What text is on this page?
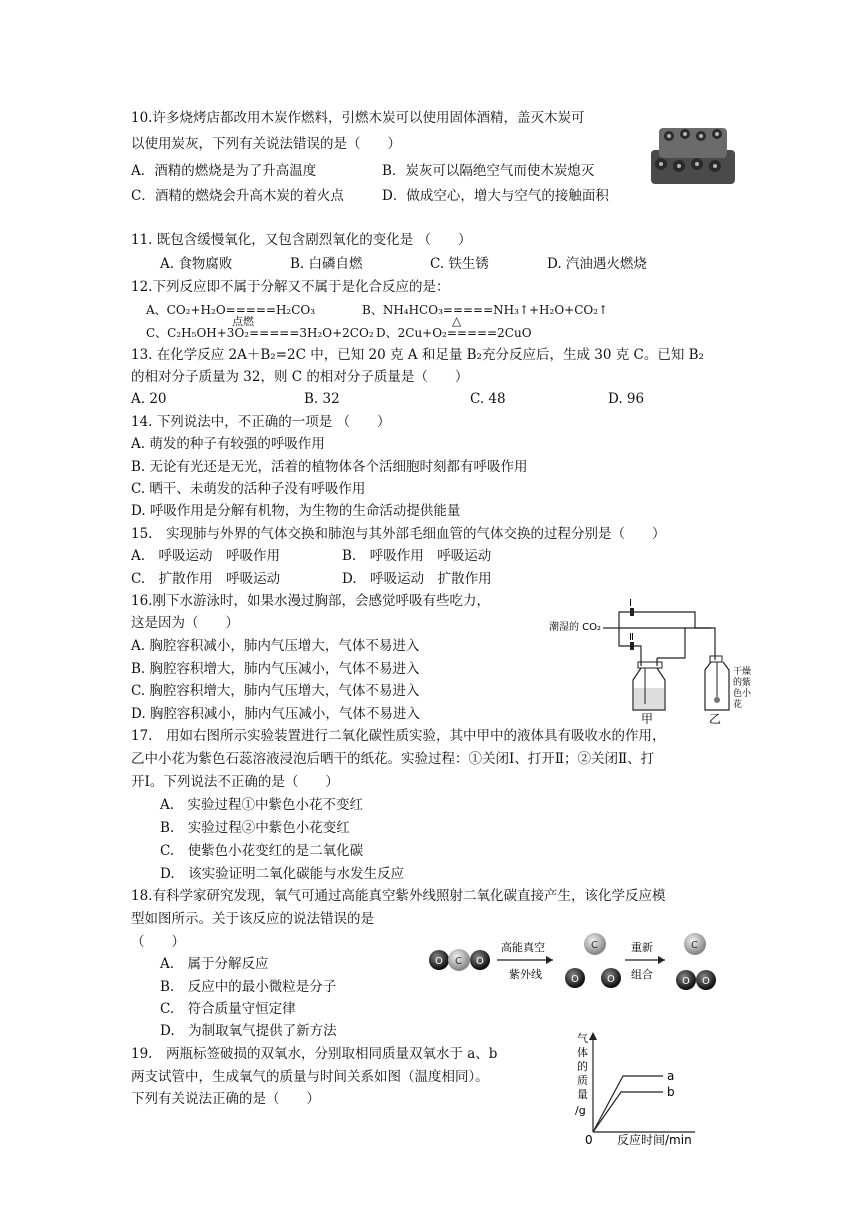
10.许多烧烤店都改用木炭作燃料，引燃木炭可以使用固体酒精，盖灭木炭可
以使用炭灰，下列有关说法错误的是（　　）
A．酒精的燃烧是为了升高温度	B．炭灰可以隔绝空气而使木炭熄灭
C．酒精的燃烧会升高木炭的着火点	D．做成空心，增大与空气的接触面积
11. 既包含缓慢氧化，又包含剧烈氧化的变化是 （　　）
A. 食物腐败	B. 白磷自燃	C. 铁生锈	D. 汽油遇火燃烧
12.下列反应即不属于分解又不属于是化合反应的是：
A、CO₂+H₂O=====H₂CO₃	B、NH₄HCO₃=====NH₃↑+H₂O+CO₂↑
点燃	△
C、C₂H₅OH+3O₂=====3H₂O+2CO₂ D、2Cu+O₂=====2CuO
13. 在化学反应 2A＋B₂=2C 中，已知 20 克 A 和足量 B₂充分反应后，生成 30 克 C。已知 B₂
的相对分子质量为 32，则 C 的相对分子质量是（　　）
A. 20	B. 32	C. 48	D. 96
14. 下列说法中，不正确的一项是 （　　）
A. 萌发的种子有较强的呼吸作用
B. 无论有光还是无光，活着的植物体各个活细胞时刻都有呼吸作用
C. 晒干、未萌发的活种子没有呼吸作用
D. 呼吸作用是分解有机物，为生物的生命活动提供能量
15.　实现肺与外界的气体交换和肺泡与其外部毛细血管的气体交换的过程分别是（　　）
A.　呼吸运动　呼吸作用	B.　呼吸作用　呼吸运动
C.　扩散作用　呼吸运动	D.　呼吸运动　扩散作用
16.刚下水游泳时，如果水漫过胸部，会感觉呼吸有些吃力，
这是因为（　　）
A. 胸腔容积减小，肺内气压增大，气体不易进入
B. 胸腔容积增大，肺内气压减小，气体不易进入
C. 胸腔容积增大，肺内气压增大，气体不易进入
D. 胸腔容积减小，肺内气压减小，气体不易进入
潮湿的 CO₂
Ⅰ
Ⅱ
甲	乙
干燥
的紫
色小
花
17.　用如右图所示实验装置进行二氧化碳性质实验，其中甲中的液体具有吸收水的作用，
乙中小花为紫色石蕊溶液浸泡后晒干的纸花。实验过程：①关闭Ⅰ、打开Ⅱ；②关闭Ⅱ、打
开Ⅰ。下列说法不正确的是（　　）
A.　实验过程①中紫色小花不变红
B.　实验过程②中紫色小花变红
C.　使紫色小花变红的是二氧化碳
D.　该实验证明二氧化碳能与水发生反应
18.有科学家研究发现，氧气可通过高能真空紫外线照射二氧化碳直接产生，该化学反应模
型如图所示。关于该反应的说法错误的是
（　　）
A.　属于分解反应
B.　反应中的最小微粒是分子
C.　符合质量守恒定律
D.　为制取氧气提供了新方法
O C O
高能真空
紫外线
C
O	O
重新
组合
C
O O
19.　两瓶标签破损的双氧水，分别取相同质量双氧水于 a、b
两支试管中，生成氧气的质量与时间关系如图（温度相同）。
下列有关说法正确的是（　　）
气
体
的
质
量
/g
a
b
0 反应时间/min
